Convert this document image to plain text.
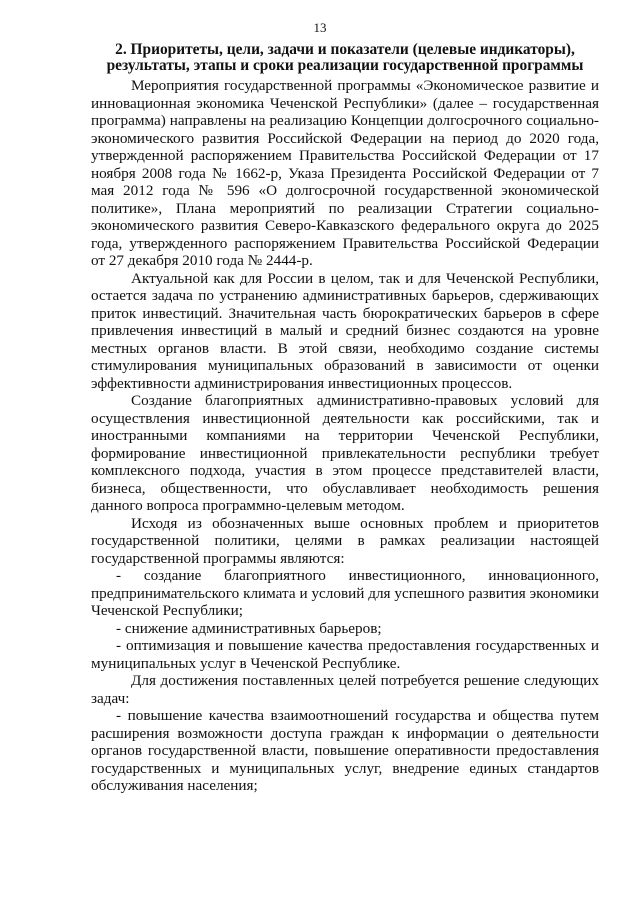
13
2. Приоритеты, цели, задачи и показатели (целевые индикаторы),
результаты, этапы и сроки реализации государственной программы

Мероприятия государственной программы «Экономическое развитие и инновационная экономика Чеченской Республики» (далее – государственная программа) направлены на реализацию Концепции долгосрочного социально-экономического развития Российской Федерации на период до 2020 года, утвержденной распоряжением Правительства Российской Федерации от 17 ноября 2008 года № 1662-р, Указа Президента Российской Федерации от 7 мая 2012 года № 596 «О долгосрочной государственной экономической политике», Плана мероприятий по реализации Стратегии социально-экономического развития Северо-Кавказского федерального округа до 2025 года, утвержденного распоряжением Правительства Российской Федерации от 27 декабря 2010 года № 2444-р.

Актуальной как для России в целом, так и для Чеченской Республики, остается задача по устранению административных барьеров, сдерживающих приток инвестиций. Значительная часть бюрократических барьеров в сфере привлечения инвестиций в малый и средний бизнес создаются на уровне местных органов власти. В этой связи, необходимо создание системы стимулирования муниципальных образований в зависимости от оценки эффективности администрирования инвестиционных процессов.

Создание благоприятных административно-правовых условий для осуществления инвестиционной деятельности как российскими, так и иностранными компаниями на территории Чеченской Республики, формирование инвестиционной привлекательности республики требует комплексного подхода, участия в этом процессе представителей власти, бизнеса, общественности, что обуславливает необходимость решения данного вопроса программно-целевым методом.

Исходя из обозначенных выше основных проблем и приоритетов государственной политики, целями в рамках реализации настоящей государственной программы являются:

- создание благоприятного инвестиционного, инновационного, предпринимательского климата и условий для успешного развития экономики Чеченской Республики;

- снижение административных барьеров;

- оптимизация и повышение качества предоставления государственных и муниципальных услуг в Чеченской Республике.

Для достижения поставленных целей потребуется решение следующих задач:

- повышение качества взаимоотношений государства и общества путем расширения возможности доступа граждан к информации о деятельности органов государственной власти, повышение оперативности предоставления государственных и муниципальных услуг, внедрение единых стандартов обслуживания населения;
